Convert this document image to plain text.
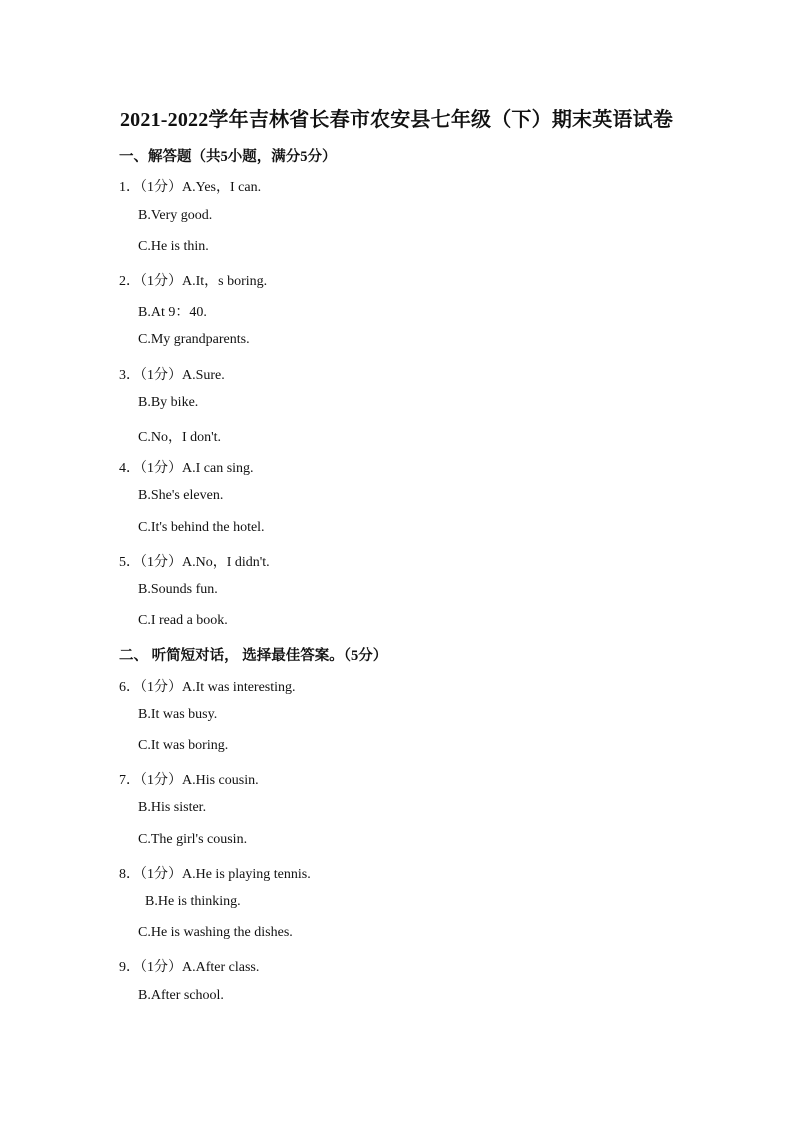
2021-2022学年吉林省长春市农安县七年级（下）期末英语试卷
一、解答题（共5小题，满分5分）
1．（1分）A.Yes，I can.
B.Very good.
C.He is thin.
2．（1分）A.It，s boring.
B.At 9：40.
C.My grandparents.
3．（1分）A.Sure.
B.By bike.
C.No，I don't.
4．（1分）A.I can sing.
B.She's eleven.
C.It's behind the hotel.
5．（1分）A.No，I didn't.
B.Sounds fun.
C.I read a book.
二、 听简短对话， 选择最佳答案。（5分）
6．（1分）A.It was interesting.
B.It was busy.
C.It was boring.
7．（1分）A.His cousin.
B.His sister.
C.The girl's cousin.
8．（1分）A.He is playing tennis.
B.He is thinking.
C.He is washing the dishes.
9．（1分）A.After class.
B.After school.
